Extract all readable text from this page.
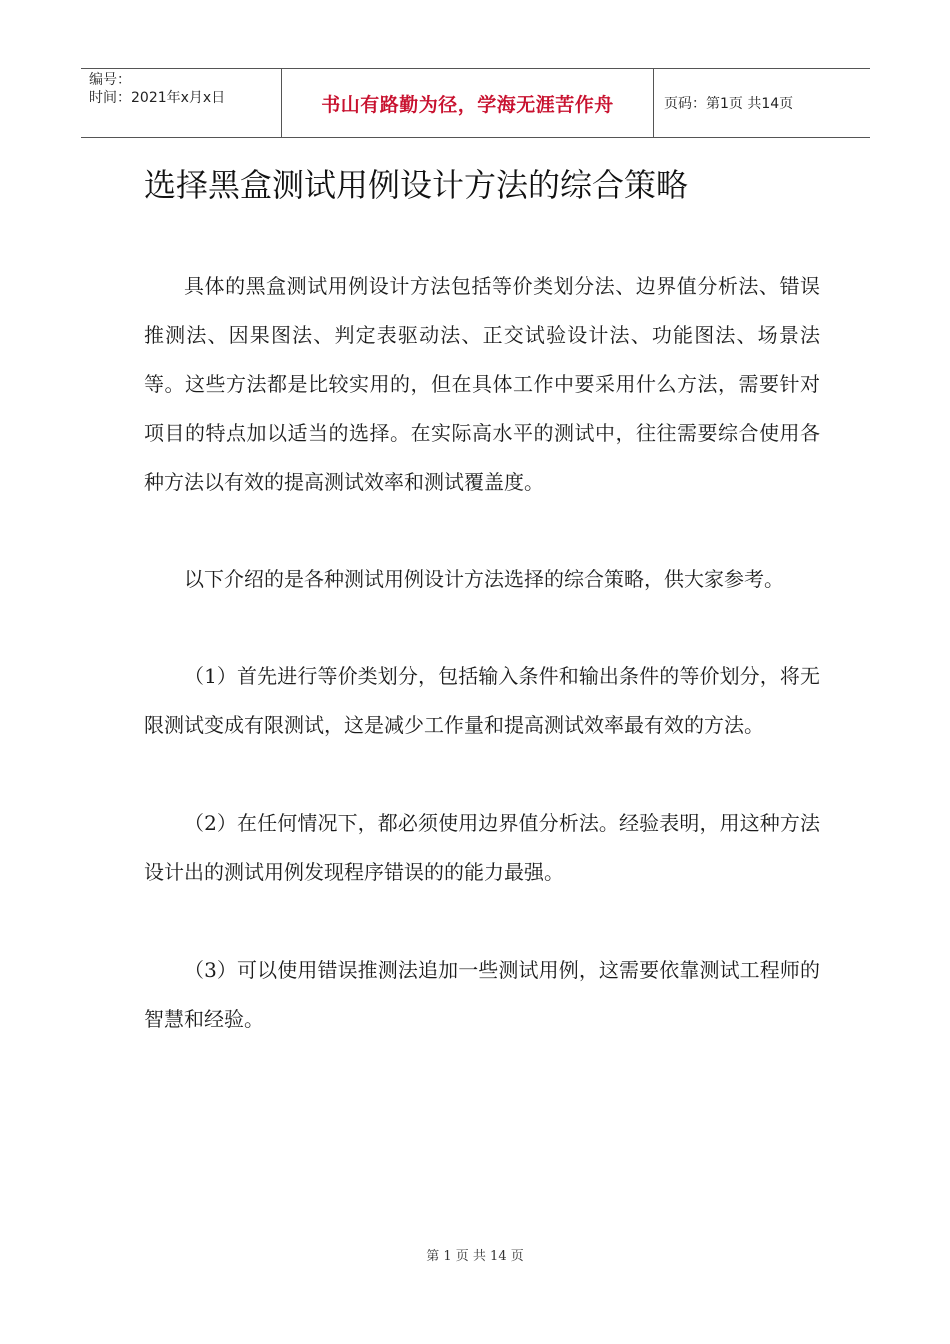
编号：
时间：2021年x月x日	书山有路勤为径，学海无涯苦作舟	页码：第1页 共14页
选择黑盒测试用例设计方法的综合策略

具体的黑盒测试用例设计方法包括等价类划分法、边界值分析法、错误推测法、因果图法、判定表驱动法、正交试验设计法、功能图法、场景法等。这些方法都是比较实用的，但在具体工作中要采用什么方法，需要针对项目的特点加以适当的选择。在实际高水平的测试中，往往需要综合使用各种方法以有效的提高测试效率和测试覆盖度。

以下介绍的是各种测试用例设计方法选择的综合策略，供大家参考。

（1）首先进行等价类划分，包括输入条件和输出条件的等价划分，将无限测试变成有限测试，这是减少工作量和提高测试效率最有效的方法。

（2）在任何情况下，都必须使用边界值分析法。经验表明，用这种方法设计出的测试用例发现程序错误的的能力最强。

（3）可以使用错误推测法追加一些测试用例，这需要依靠测试工程师的智慧和经验。

第 1 页 共 14 页
